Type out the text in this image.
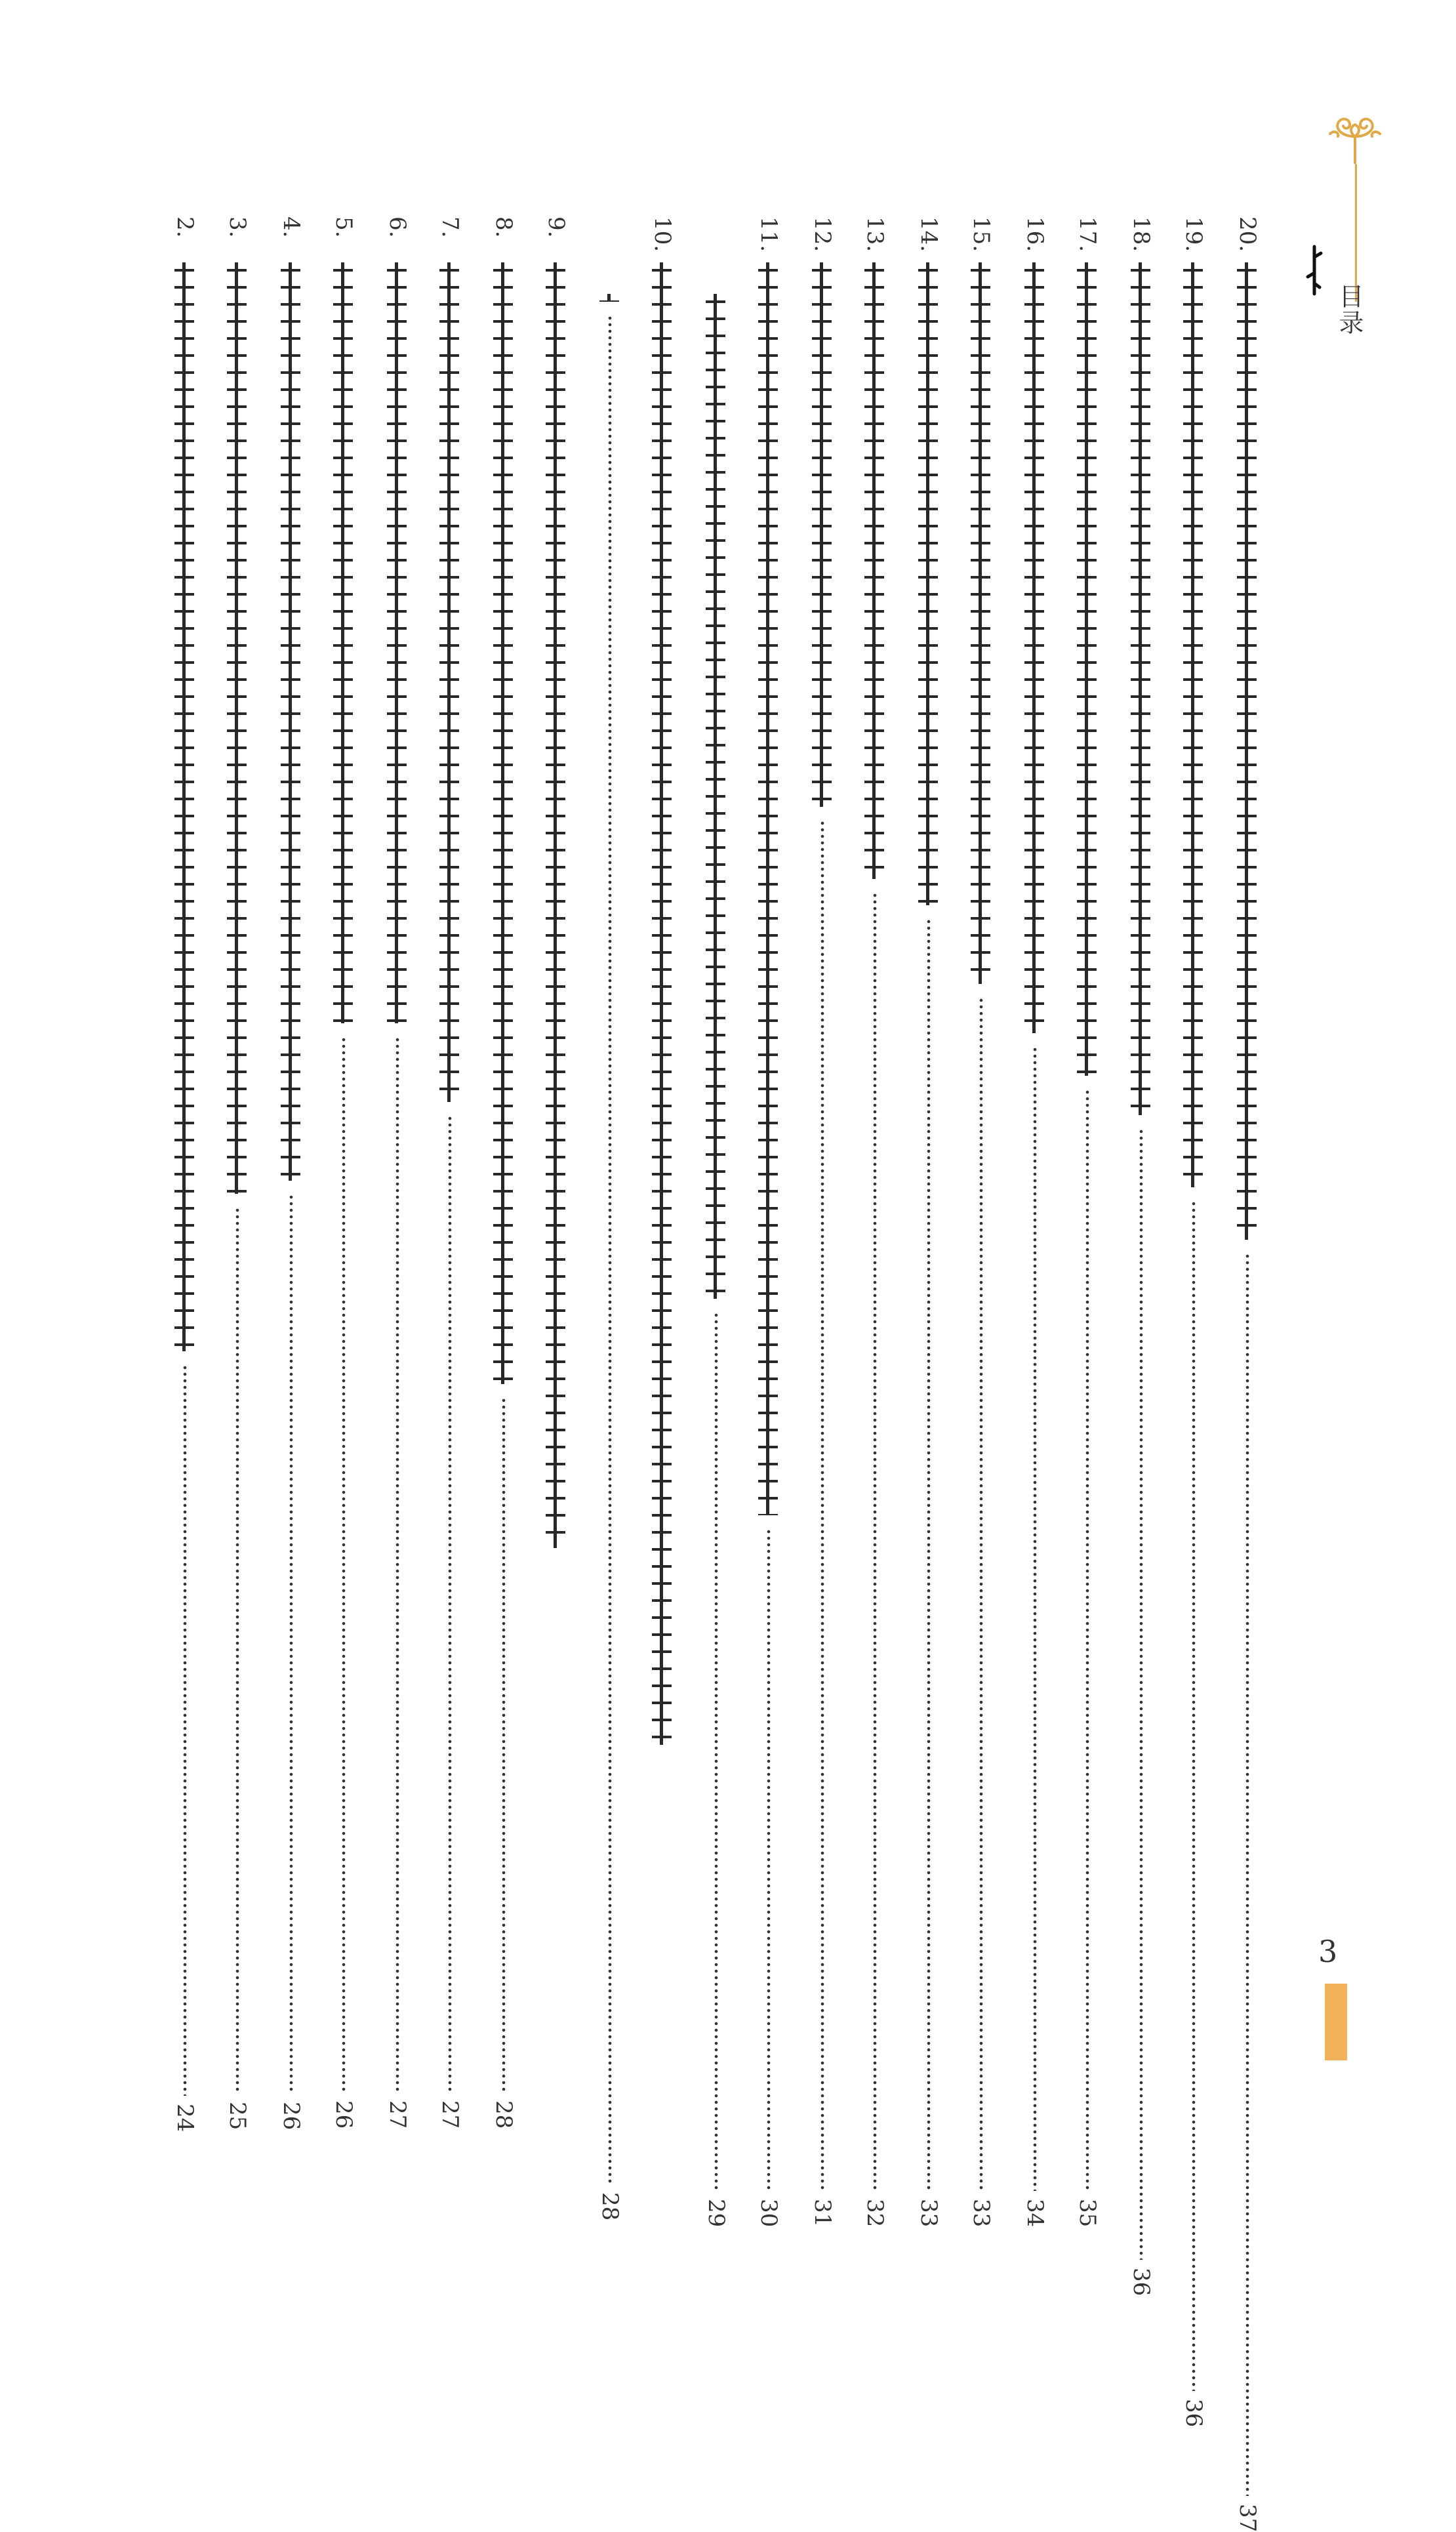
目录
20.
37
19.
36
18.
36
17.
35
16.
34
15.
33
14.
33
13.
32
12.
31
11.
30
29
10.
28
9.
8.
28
7.
27
6.
27
5.
26
4.
26
3.
25
2.
24
3
